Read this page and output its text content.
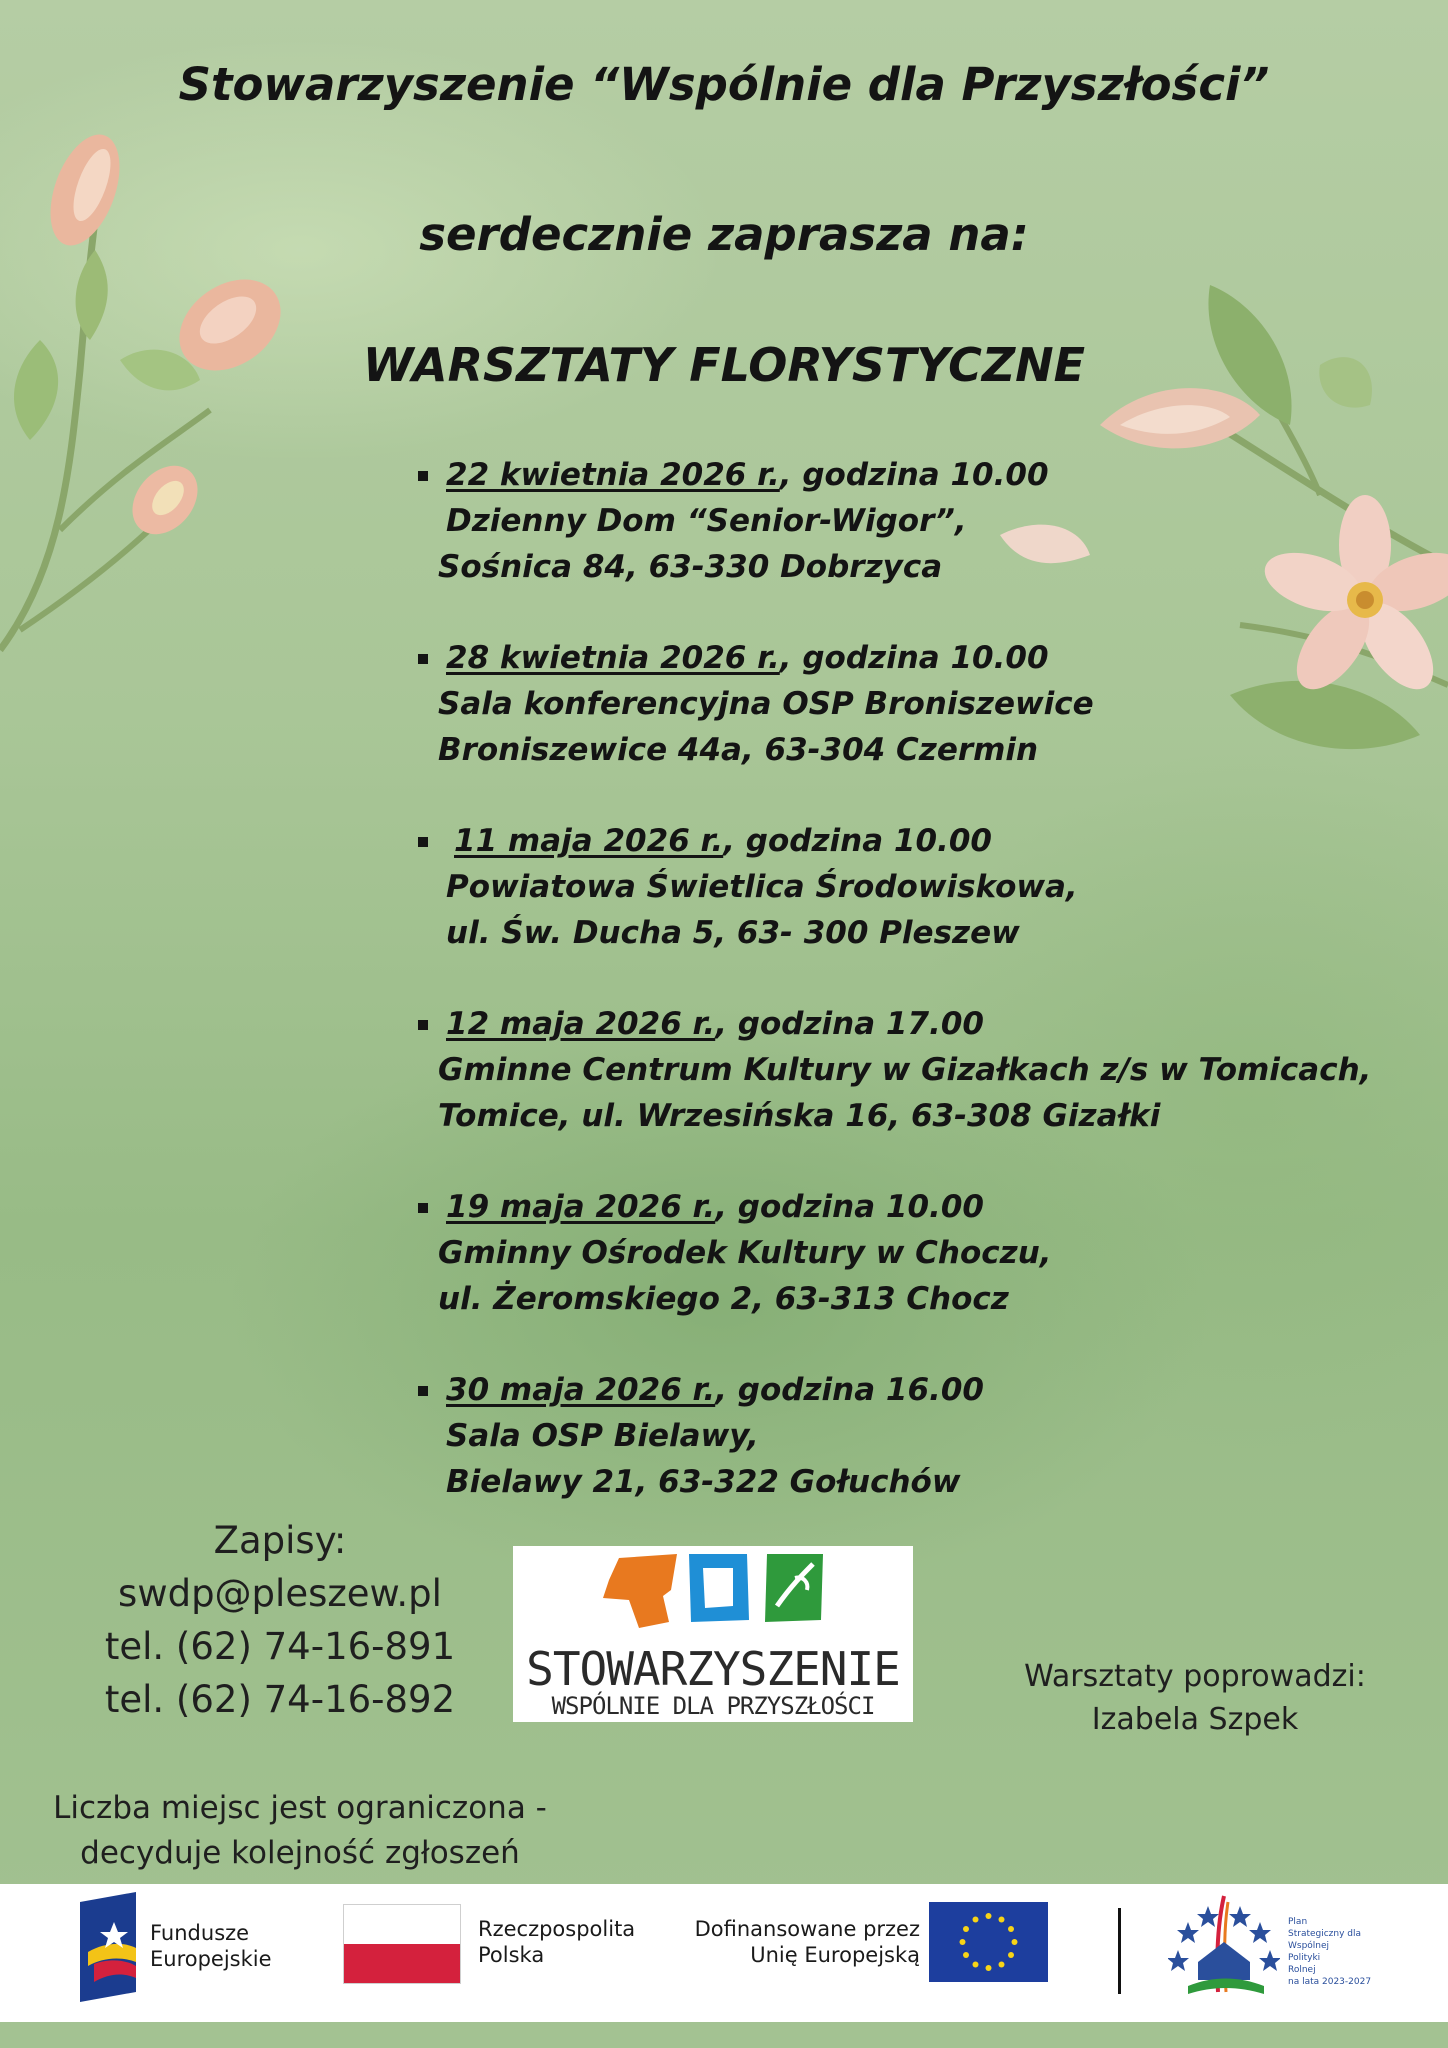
Stowarzyszenie “Wspólnie dla Przyszłości”
serdecznie zaprasza na:
WARSZTATY FLORYSTYCZNE
22 kwietnia 2026 r., godzina 10.00
Dzienny Dom “Senior-Wigor”,
Sośnica 84, 63-330 Dobrzyca
28 kwietnia 2026 r., godzina 10.00
Sala konferencyjna OSP Broniszewice
Broniszewice 44a, 63-304 Czermin
11 maja 2026 r., godzina 10.00
Powiatowa Świetlica Środowiskowa,
ul. Św. Ducha 5, 63- 300 Pleszew
12 maja 2026 r., godzina 17.00
Gminne Centrum Kultury w Gizałkach z/s w Tomicach,
Tomice, ul. Wrzesińska 16, 63-308 Gizałki
19 maja 2026 r., godzina 10.00
Gminny Ośrodek Kultury w Choczu,
ul. Żeromskiego 2, 63-313 Chocz
30 maja 2026 r., godzina 16.00
Sala OSP Bielawy,
Bielawy 21, 63-322 Gołuchów
Zapisy:
swdp@pleszew.pl
tel. (62) 74-16-891
tel. (62) 74-16-892
STOWARZYSZENIE
WSPÓLNIE DLA PRZYSZŁOŚCI
Warsztaty poprowadzi:
Izabela Szpek
Liczba miejsc jest ograniczona -
decyduje kolejność zgłoszeń
Fundusze
Europejskie
Rzeczpospolita
Polska
Dofinansowane przez
Unię Europejską
Plan
Strategiczny dla
Wspólnej
Polityki
Rolnej
na lata 2023-2027
